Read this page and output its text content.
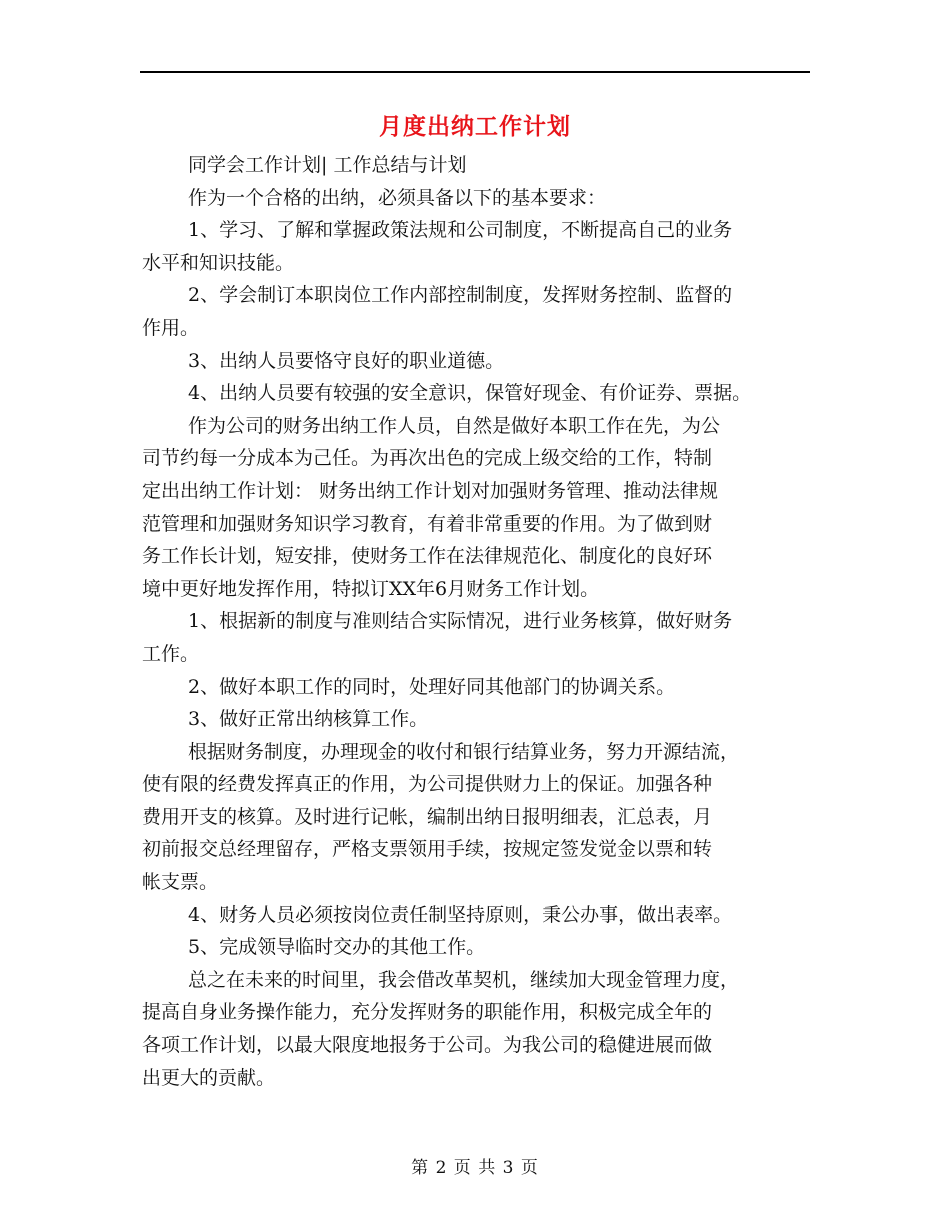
月度出纳工作计划
同学会工作计划| 工作总结与计划
作为一个合格的出纳，必须具备以下的基本要求：
1、学习、了解和掌握政策法规和公司制度，不断提高自己的业务
水平和知识技能。
2、学会制订本职岗位工作内部控制制度，发挥财务控制、监督的
作用。
3、出纳人员要恪守良好的职业道德。
4、出纳人员要有较强的安全意识，保管好现金、有价证券、票据。
作为公司的财务出纳工作人员，自然是做好本职工作在先，为公
司节约每一分成本为己任。为再次出色的完成上级交给的工作，特制
定出出纳工作计划： 财务出纳工作计划对加强财务管理、推动法律规
范管理和加强财务知识学习教育，有着非常重要的作用。为了做到财
务工作长计划，短安排，使财务工作在法律规范化、制度化的良好环
境中更好地发挥作用，特拟订XX年6月财务工作计划。
1、根据新的制度与准则结合实际情况，进行业务核算，做好财务
工作。
2、做好本职工作的同时，处理好同其他部门的协调关系。
3、做好正常出纳核算工作。
根据财务制度，办理现金的收付和银行结算业务，努力开源结流，
使有限的经费发挥真正的作用，为公司提供财力上的保证。加强各种
费用开支的核算。及时进行记帐，编制出纳日报明细表，汇总表，月
初前报交总经理留存，严格支票领用手续，按规定签发觉金以票和转
帐支票。
4、财务人员必须按岗位责任制坚持原则，秉公办事，做出表率。
5、完成领导临时交办的其他工作。
总之在未来的时间里，我会借改革契机，继续加大现金管理力度，
提高自身业务操作能力，充分发挥财务的职能作用，积极完成全年的
各项工作计划，以最大限度地报务于公司。为我公司的稳健进展而做
出更大的贡献。
第 2 页 共 3 页
